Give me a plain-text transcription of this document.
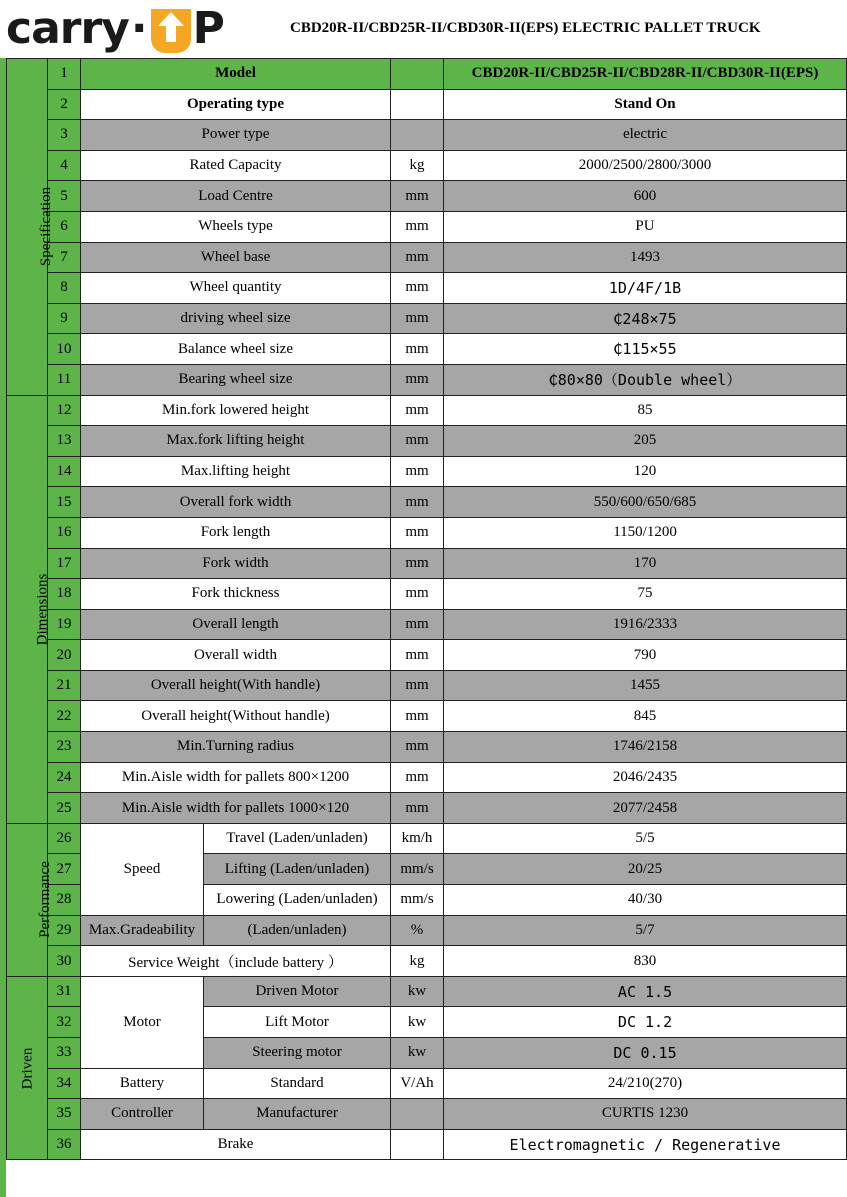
carry · P	CBD20R-II/CBD25R-II/CBD30R-II(EPS) ELECTRIC PALLET TRUCK
Specification	1	Model			CBD20R-II/CBD25R-II/CBD28R-II/CBD30R-II(EPS)
	2	Operating type			Stand On
	3	Power type			electric
	4	Rated Capacity		kg	2000/2500/2800/3000
	5	Load Centre		mm	600
	6	Wheels type		mm	PU
	7	Wheel base		mm	1493
	8	Wheel quantity		mm	1D/4F/1B
	9	driving wheel size		mm	₵248×75
	10	Balance wheel size		mm	₵115×55
	11	Bearing wheel size		mm	₵80×80（Double wheel）
Dimensions	12	Min.fork lowered height		mm	85
	13	Max.fork lifting height		mm	205
	14	Max.lifting height		mm	120
	15	Overall fork width		mm	550/600/650/685
	16	Fork length		mm	1150/1200
	17	Fork width		mm	170
	18	Fork thickness		mm	75
	19	Overall length		mm	1916/2333
	20	Overall width		mm	790
	21	Overall height(With handle)		mm	1455
	22	Overall height(Without handle)		mm	845
	23	Min.Turning radius		mm	1746/2158
	24	Min.Aisle width for pallets 800×1200		mm	2046/2435
	25	Min.Aisle width for pallets 1000×120		mm	2077/2458
Performance	26	Speed	Travel (Laden/unladen)	km/h	5/5
	27		Lifting (Laden/unladen)	mm/s	20/25
	28		Lowering (Laden/unladen)	mm/s	40/30
	29	Max.Gradeability	(Laden/unladen)	%	5/7
	30	Service Weight（include battery ）		kg	830
Driven	31	Motor	Driven Motor	kw	AC 1.5
	32		Lift Motor	kw	DC 1.2
	33		Steering motor	kw	DC 0.15
	34	Battery	Standard	V/Ah	24/210(270)
	35	Controller	Manufacturer		CURTIS 1230
	36	Brake			Electromagnetic / Regenerative
